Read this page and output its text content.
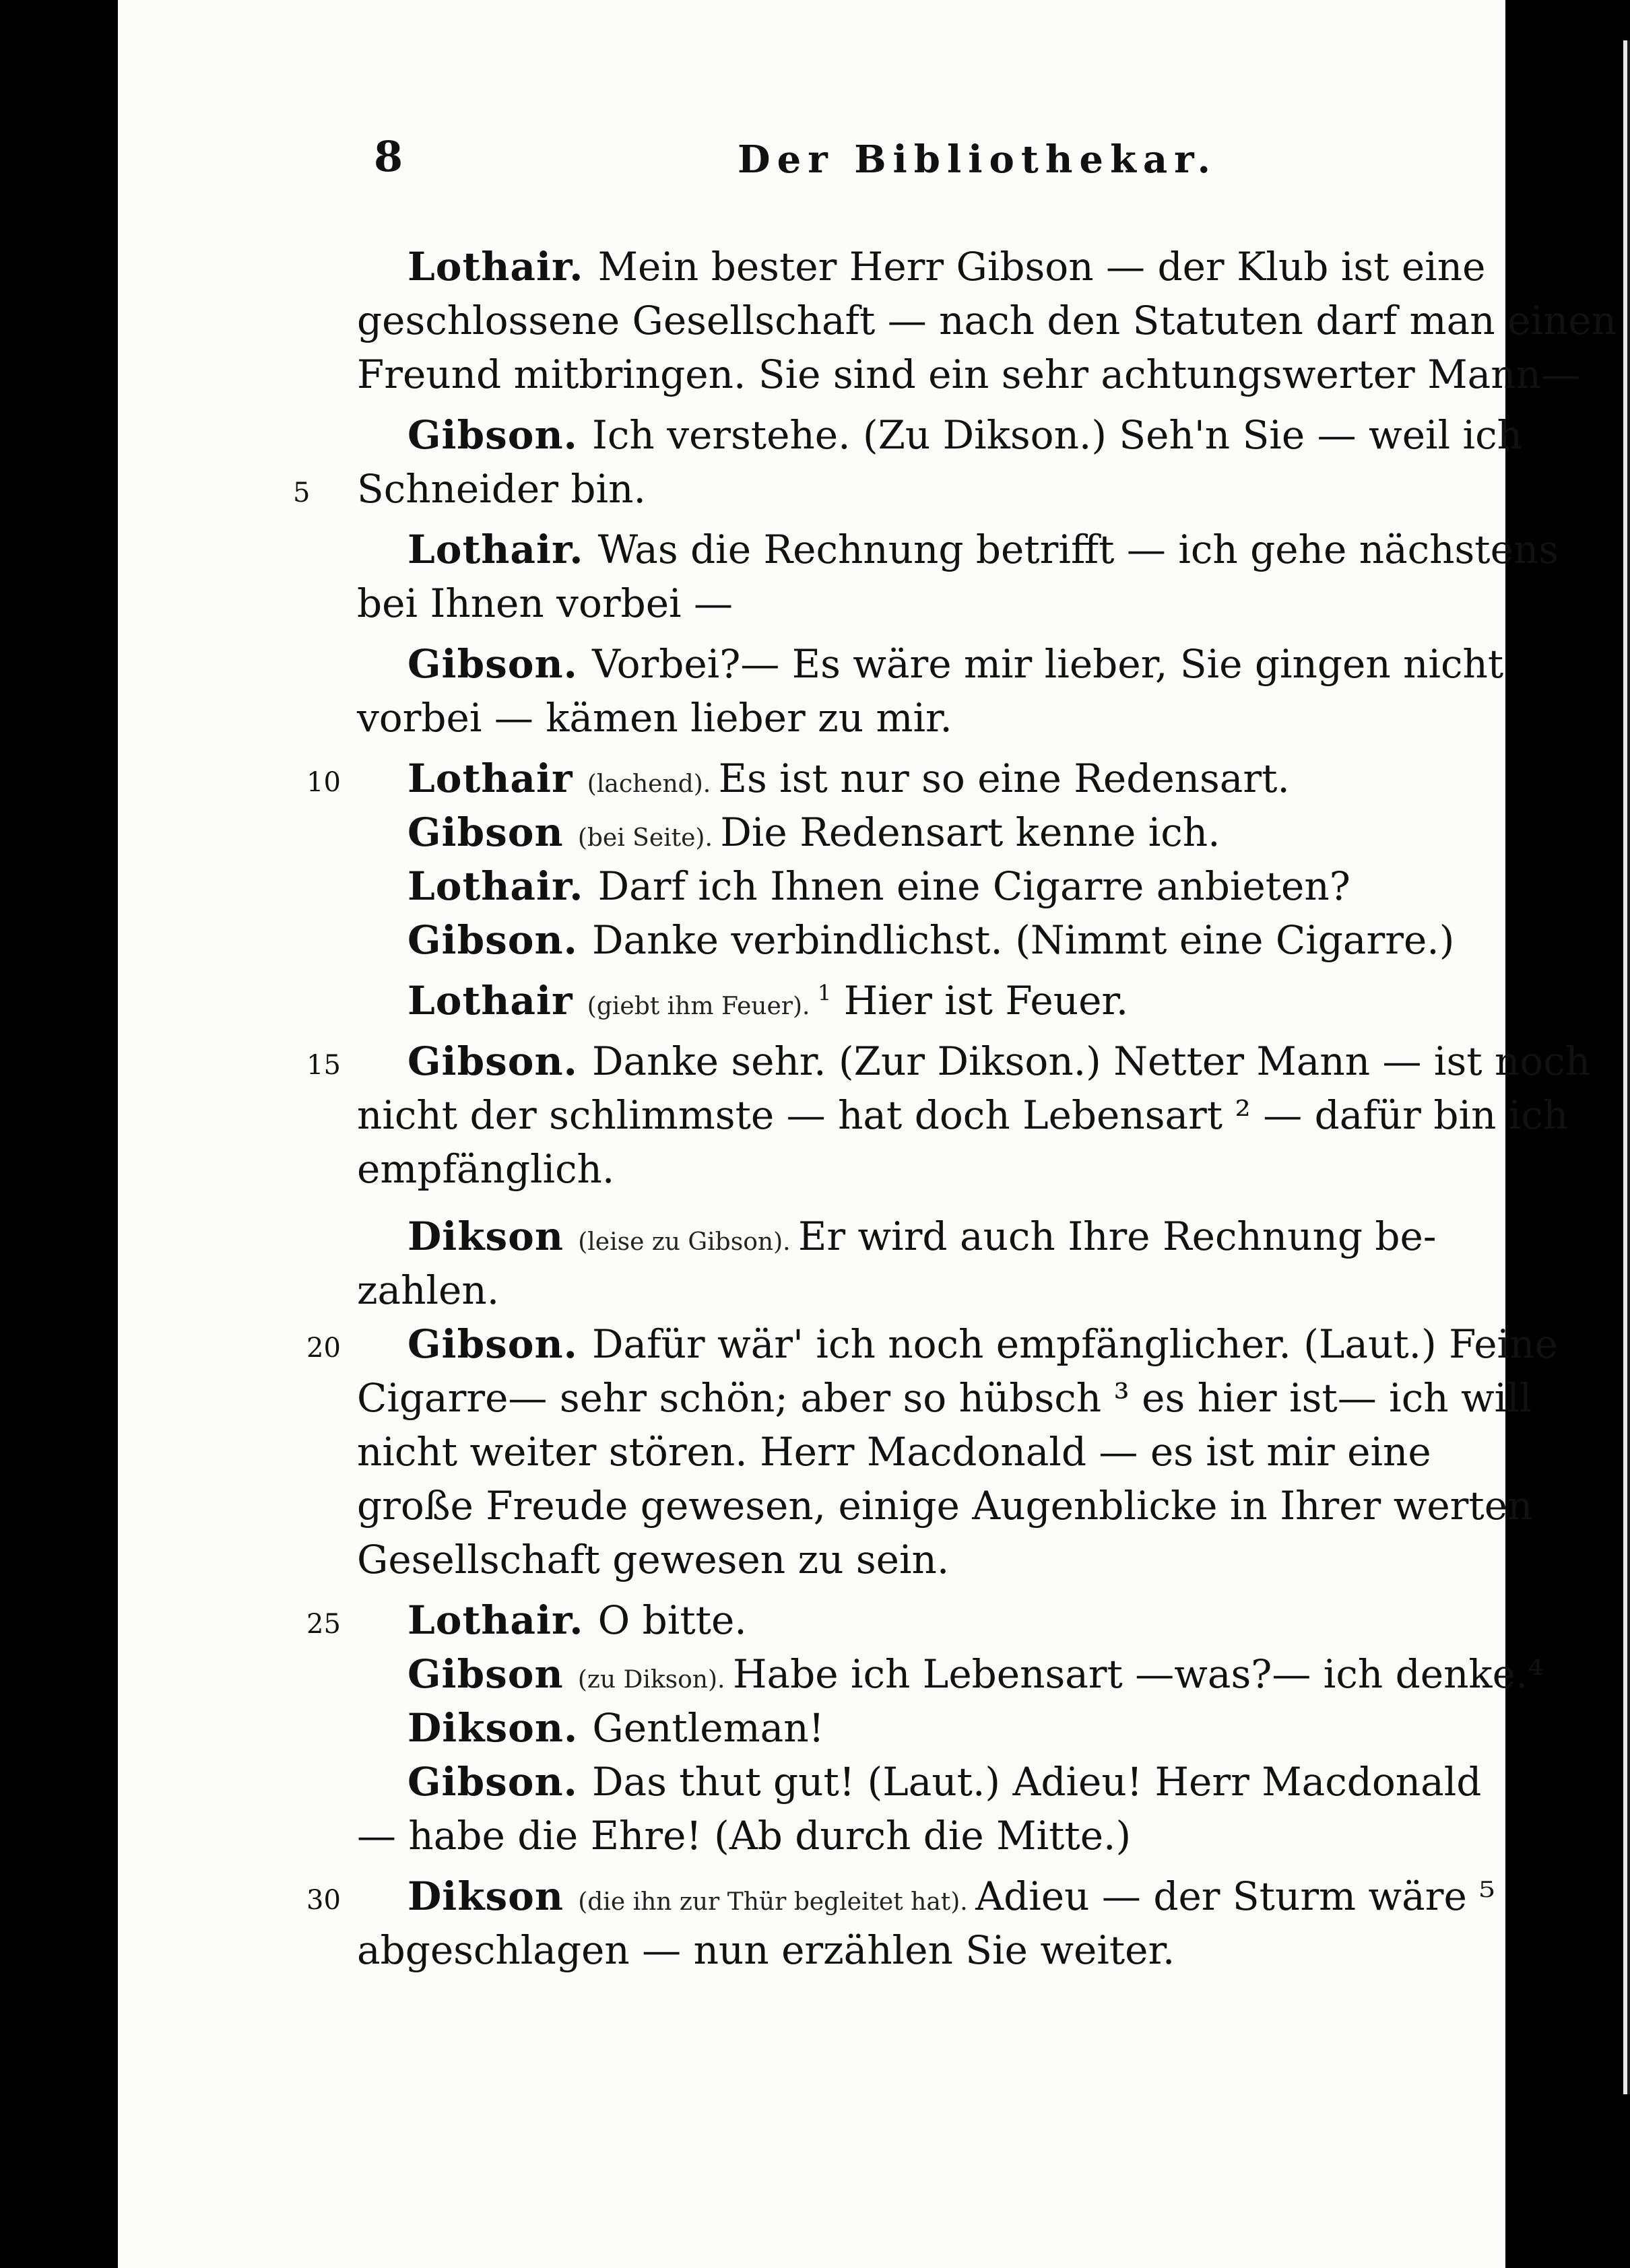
8	Der Bibliothekar.
Lothair. Mein bester Herr Gibson — der Klub ist eine
geschlossene Gesellschaft — nach den Statuten darf man einen
Freund mitbringen. Sie sind ein sehr achtungswerter Mann—
Gibson. Ich verstehe. (Zu Dikson.) Seh'n Sie — weil ich
5 Schneider bin.
Lothair. Was die Rechnung betrifft — ich gehe nächstens
bei Ihnen vorbei —
Gibson. Vorbei?— Es wäre mir lieber, Sie gingen nicht
vorbei — kämen lieber zu mir.
10 Lothair (lachend). Es ist nur so eine Redensart.
Gibson (bei Seite). Die Redensart kenne ich.
Lothair. Darf ich Ihnen eine Cigarre anbieten?
Gibson. Danke verbindlichst. (Nimmt eine Cigarre.)
Lothair (giebt ihm Feuer). $^1$ Hier ist Feuer.
15 Gibson. Danke sehr. (Zur Dikson.) Netter Mann — ist noch
nicht der schlimmste — hat doch Lebensart ² — dafür bin ich
empfänglich.
Dikson (leise zu Gibson). Er wird auch Ihre Rechnung be-
zahlen.
20 Gibson. Dafür wär' ich noch empfänglicher. (Laut.) Feine
Cigarre— sehr schön; aber so hübsch ³ es hier ist— ich will
nicht weiter stören. Herr Macdonald — es ist mir eine
große Freude gewesen, einige Augenblicke in Ihrer werten
Gesellschaft gewesen zu sein.
25 Lothair. O bitte.
Gibson (zu Dikson). Habe ich Lebensart —was?— ich denke.⁴
Dikson. Gentleman!
Gibson. Das thut gut! (Laut.) Adieu! Herr Macdonald
— habe die Ehre! (Ab durch die Mitte.)
30 Dikson (die ihn zur Thür begleitet hat). Adieu — der Sturm wäre ⁵
abgeschlagen — nun erzählen Sie weiter.
